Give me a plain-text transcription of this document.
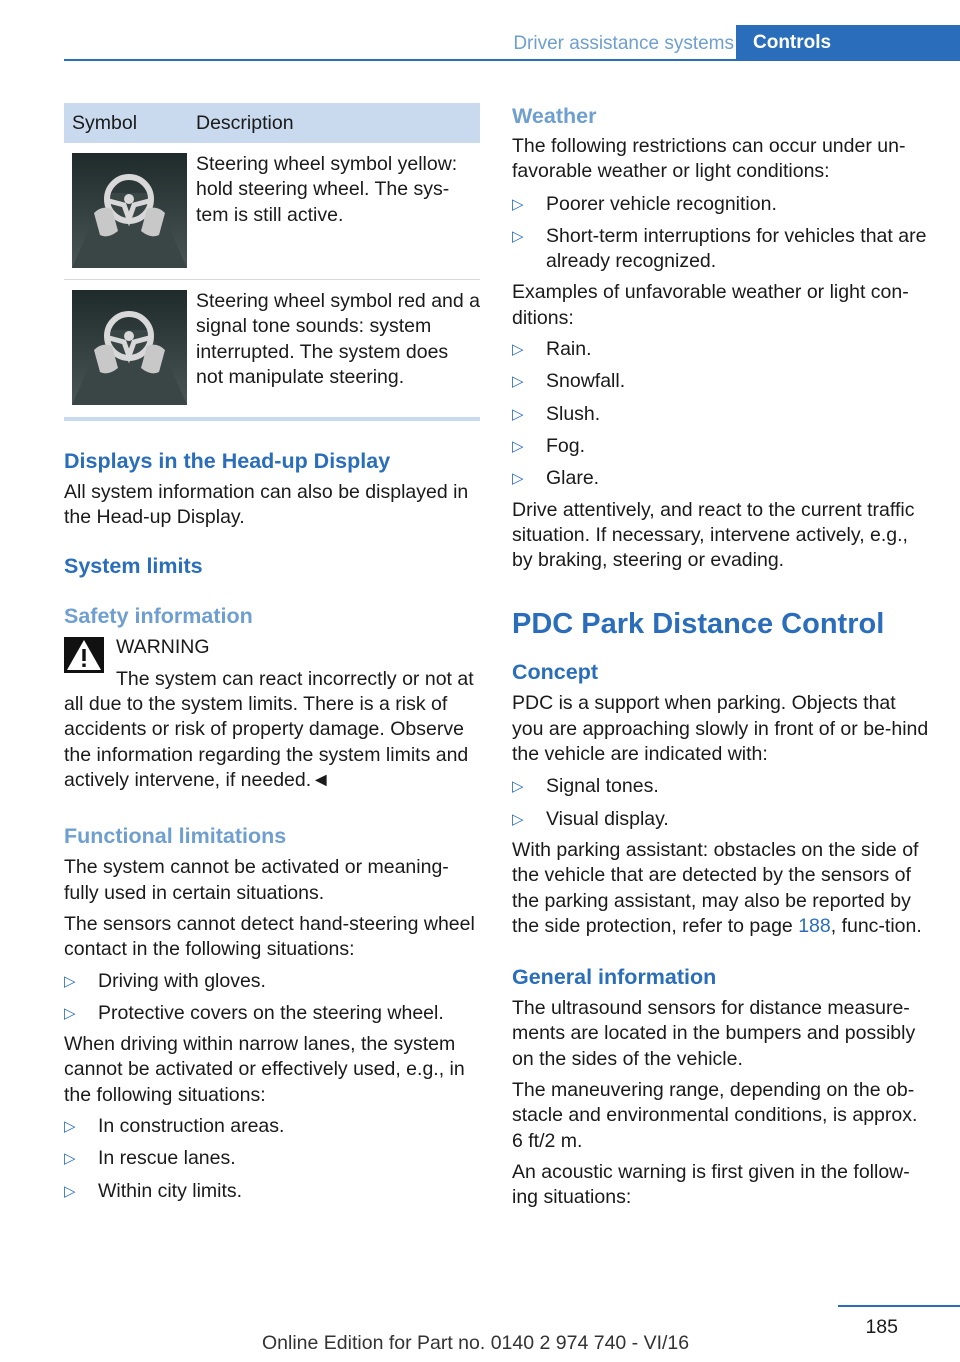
Driver assistance systems	Controls
Symbol	Description
Steering wheel symbol yellow: hold steering wheel. The sys‐tem is still active.
Steering wheel symbol red and a signal tone sounds: system interrupted. The system does not manipulate steering.
Displays in the Head-up Display

All system information can also be displayed in the Head-up Display.

System limits
Safety information
WARNING

The system can react incorrectly or not at all due to the system limits. There is a risk of accidents or risk of property damage. Observe the information regarding the system limits and actively intervene, if needed.◄

Functional limitations

The system cannot be activated or meaning‐fully used in certain situations.

The sensors cannot detect hand-steering wheel contact in the following situations:

▷ Driving with gloves.
▷ Protective covers on the steering wheel.

When driving within narrow lanes, the system cannot be activated or effectively used, e.g., in the following situations:

▷ In construction areas.
▷ In rescue lanes.
▷ Within city limits.
Weather

The following restrictions can occur under un‐favorable weather or light conditions:

▷ Poorer vehicle recognition.
▷ Short-term interruptions for vehicles that are already recognized.

Examples of unfavorable weather or light con‐ditions:

▷ Rain.
▷ Snowfall.
▷ Slush.
▷ Fog.
▷ Glare.

Drive attentively, and react to the current traffic situation. If necessary, intervene actively, e.g., by braking, steering or evading.

PDC Park Distance Control
Concept

PDC is a support when parking. Objects that you are approaching slowly in front of or be‐hind the vehicle are indicated with:

▷ Signal tones.
▷ Visual display.

With parking assistant: obstacles on the side of the vehicle that are detected by the sensors of the parking assistant, may also be reported by the side protection, refer to page 188, func‐tion.

General information

The ultrasound sensors for distance measure‐ments are located in the bumpers and possibly on the sides of the vehicle.

The maneuvering range, depending on the ob‐stacle and environmental conditions, is approx. 6 ft/2 m.

An acoustic warning is first given in the follow‐ing situations:

185
Online Edition for Part no. 0140 2 974 740 - VI/16
